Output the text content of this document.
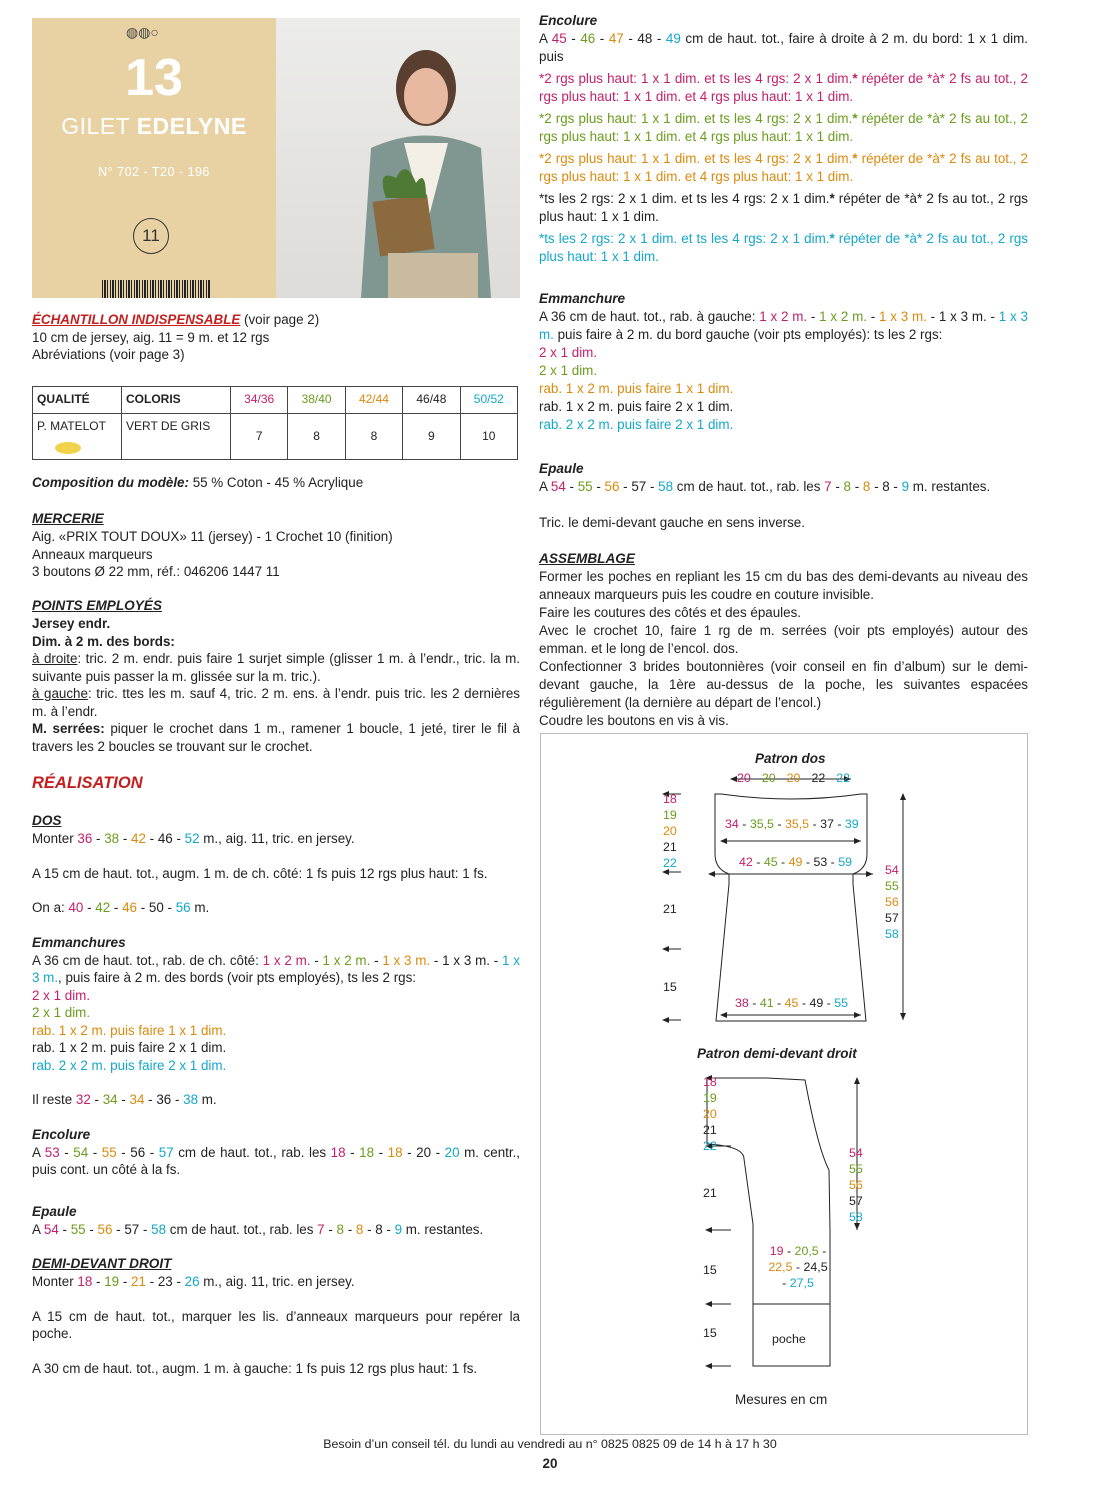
◍◍○
13
GILET EDELYNE
N° 702 - T20 - 196
11

ÉCHANTILLON INDISPENSABLE (voir page 2)

10 cm de jersey, aig. 11 = 9 m. et 12 rgs

Abréviations (voir page 3)

QUALITÉ	COLORIS	34/36	38/40	42/44	46/48	50/52
P. MATELOT	VERT DE GRIS	7	8	8	9	10

Composition du modèle: 55 % Coton - 45 % Acrylique

MERCERIE

Aig. «PRIX TOUT DOUX» 11 (jersey) - 1 Crochet 10 (finition)

Anneaux marqueurs

3 boutons Ø 22 mm, réf.: 046206 1447 11

POINTS EMPLOYÉS

Jersey endr.

Dim. à 2 m. des bords:

à droite: tric. 2 m. endr. puis faire 1 surjet simple (glisser 1 m. à l’endr., tric. la m. suivante puis passer la m. glissée sur la m. tric.).

à gauche: tric. ttes les m. sauf 4, tric. 2 m. ens. à l’endr. puis tric. les 2 dernières m. à l’endr.

M. serrées: piquer le crochet dans 1 m., ramener 1 boucle, 1 jeté, tirer le fil à travers les 2 boucles se trouvant sur le crochet.

RÉALISATION
DOS

Monter 36 - 38 - 42 - 46 - 52 m., aig. 11, tric. en jersey.

A 15 cm de haut. tot., augm. 1 m. de ch. côté: 1 fs puis 12 rgs plus haut: 1 fs.

On a: 40 - 42 - 46 - 50 - 56 m.

Emmanchures

A 36 cm de haut. tot., rab. de ch. côté: 1 x 2 m. - 1 x 2 m. - 1 x 3 m. - 1 x 3 m. - 1 x 3 m., puis faire à 2 m. des bords (voir pts employés), ts les 2 rgs:

2 x 1 dim.

2 x 1 dim.

rab. 1 x 2 m. puis faire 1 x 1 dim.

rab. 1 x 2 m. puis faire 2 x 1 dim.

rab. 2 x 2 m. puis faire 2 x 1 dim.

Il reste 32 - 34 - 34 - 36 - 38 m.

Encolure

A 53 - 54 - 55 - 56 - 57 cm de haut. tot., rab. les 18 - 18 - 18 - 20 - 20 m. centr., puis cont. un côté à la fs.

Epaule

A 54 - 55 - 56 - 57 - 58 cm de haut. tot., rab. les 7 - 8 - 8 - 8 - 9 m. restantes.

DEMI-DEVANT DROIT

Monter 18 - 19 - 21 - 23 - 26 m., aig. 11, tric. en jersey.

A 15 cm de haut. tot., marquer les lis. d’anneaux marqueurs pour repérer la poche.

A 30 cm de haut. tot., augm. 1 m. à gauche: 1 fs puis 12 rgs plus haut: 1 fs.

Encolure

A 45 - 46 - 47 - 48 - 49 cm de haut. tot., faire à droite à 2 m. du bord: 1 x 1 dim. puis

*2 rgs plus haut: 1 x 1 dim. et ts les 4 rgs: 2 x 1 dim.* répéter de *à* 2 fs au tot., 2 rgs plus haut: 1 x 1 dim. et 4 rgs plus haut: 1 x 1 dim.

*2 rgs plus haut: 1 x 1 dim. et ts les 4 rgs: 2 x 1 dim.* répéter de *à* 2 fs au tot., 2 rgs plus haut: 1 x 1 dim. et 4 rgs plus haut: 1 x 1 dim.

*2 rgs plus haut: 1 x 1 dim. et ts les 4 rgs: 2 x 1 dim.* répéter de *à* 2 fs au tot., 2 rgs plus haut: 1 x 1 dim. et 4 rgs plus haut: 1 x 1 dim.

*ts les 2 rgs: 2 x 1 dim. et ts les 4 rgs: 2 x 1 dim.* répéter de *à* 2 fs au tot., 2 rgs plus haut: 1 x 1 dim.

*ts les 2 rgs: 2 x 1 dim. et ts les 4 rgs: 2 x 1 dim.* répéter de *à* 2 fs au tot., 2 rgs plus haut: 1 x 1 dim.

Emmanchure

A 36 cm de haut. tot., rab. à gauche: 1 x 2 m. - 1 x 2 m. - 1 x 3 m. - 1 x 3 m. - 1 x 3 m. puis faire à 2 m. du bord gauche (voir pts employés): ts les 2 rgs:

2 x 1 dim.

2 x 1 dim.

rab. 1 x 2 m. puis faire 1 x 1 dim.

rab. 1 x 2 m. puis faire 2 x 1 dim.

rab. 2 x 2 m. puis faire 2 x 1 dim.

Epaule

A 54 - 55 - 56 - 57 - 58 cm de haut. tot., rab. les 7 - 8 - 8 - 8 - 9 m. restantes.

Tric. le demi-devant gauche en sens inverse.

ASSEMBLAGE

Former les poches en repliant les 15 cm du bas des demi-devants au niveau des anneaux marqueurs puis les coudre en couture invisible.

Faire les coutures des côtés et des épaules.

Avec le crochet 10, faire 1 rg de m. serrées (voir pts employés) autour des emman. et le long de l’encol. dos.

Confectionner 3 brides boutonnières (voir conseil en fin d’album) sur le demi-devant gauche, la 1ère au-dessus de la poche, les suivantes espacées régulièrement (la dernière au départ de l’encol.)

Coudre les boutons en vis à vis.

Patron dos
20 - 20 - 20 - 22 - 22
34 - 35,5 - 35,5 - 37 - 39
42 - 45 - 49 - 53 - 59
38 - 41 - 45 - 49 - 55
18
19
20
21
22
21
15
54
55
56
57
58
Patron demi-devant droit
18
19
20
21
22
21
15
15
54
55
56
57
58
19 - 20,5 -
22,5 - 24,5
- 27,5
poche
Mesures en cm
Besoin d’un conseil tél. du lundi au vendredi au n° 0825 0825 09 de 14 h à 17 h 30
20
